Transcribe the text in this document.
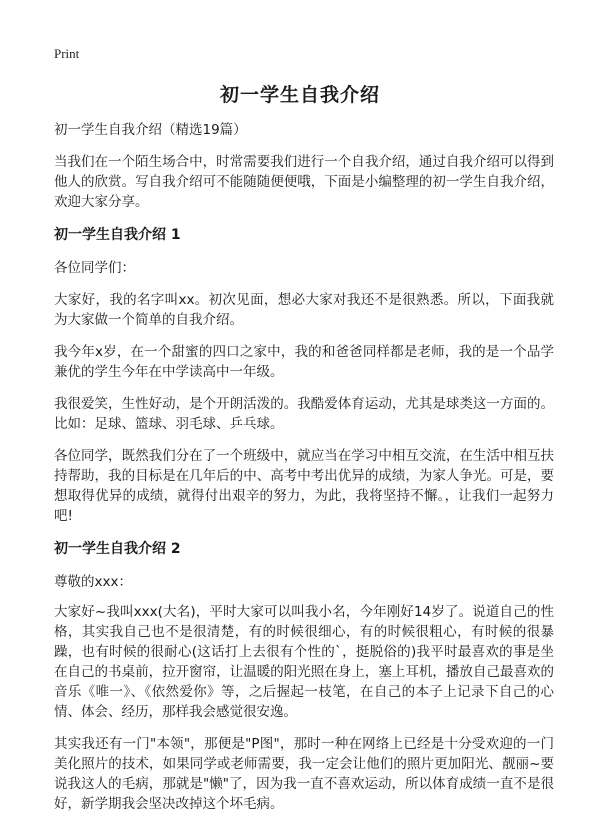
Print
初一学生自我介绍

初一学生自我介绍（精选19篇）

当我们在一个陌生场合中，时常需要我们进行一个自我介绍，通过自我介绍可以得到他人的欣赏。写自我介绍可不能随随便便哦，下面是小编整理的初一学生自我介绍，欢迎大家分享。

初一学生自我介绍 1

各位同学们：

大家好，我的名字叫xx。初次见面，想必大家对我还不是很熟悉。所以，下面我就为大家做一个简单的自我介绍。

我今年x岁，在一个甜蜜的四口之家中，我的和爸爸同样都是老师，我的是一个品学兼优的学生今年在中学读高中一年级。

我很爱笑，生性好动，是个开朗活泼的。我酷爱体育运动，尤其是球类这一方面的。比如：足球、篮球、羽毛球、乒乓球。

各位同学，既然我们分在了一个班级中，就应当在学习中相互交流，在生活中相互扶持帮助，我的目标是在几年后的中、高考中考出优异的成绩，为家人争光。可是，要想取得优异的成绩，就得付出艰辛的努力，为此，我将坚持不懈。，让我们一起努力吧!

初一学生自我介绍 2

尊敬的xxx：

大家好~我叫xxx(大名)，平时大家可以叫我小名，今年刚好14岁了。说道自己的性格，其实我自己也不是很清楚，有的时候很细心，有的时候很粗心，有时候的很暴躁，也有时候的很耐心(这话打上去很有个性的`，挺脱俗的)我平时最喜欢的事是坐在自己的书桌前，拉开窗帘，让温暖的阳光照在身上，塞上耳机，播放自己最喜欢的音乐《唯一》、《依然爱你》等，之后握起一枝笔，在自己的本子上记录下自己的心情、体会、经历，那样我会感觉很安逸。

其实我还有一门"本领"，那便是"P图"，那时一种在网络上已经是十分受欢迎的一门美化照片的技术，如果同学或老师需要，我一定会让他们的照片更加阳光、靓丽~要说我这人的毛病，那就是"懒"了，因为我一直不喜欢运动，所以体育成绩一直不是很好，新学期我会坚决改掉这个坏毛病。
